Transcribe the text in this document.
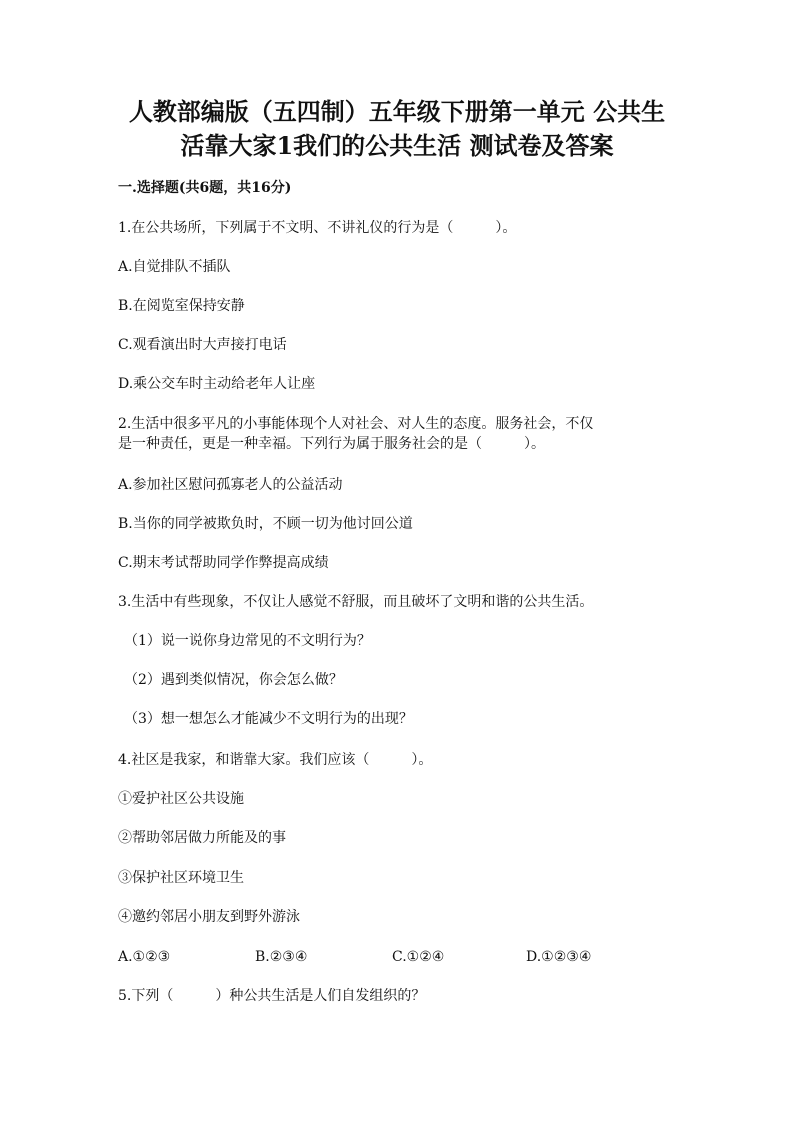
人教部编版（五四制）五年级下册第一单元 公共生
活靠大家1我们的公共生活 测试卷及答案

一.选择题(共6题，共16分)

1.在公共场所，下列属于不文明、不讲礼仪的行为是（　　　）。

A.自觉排队不插队

B.在阅览室保持安静

C.观看演出时大声接打电话

D.乘公交车时主动给老年人让座

2.生活中很多平凡的小事能体现个人对社会、对人生的态度。服务社会，不仅

是一种责任，更是一种幸福。下列行为属于服务社会的是（　　　）。

A.参加社区慰问孤寡老人的公益活动

B.当你的同学被欺负时，不顾一切为他讨回公道

C.期末考试帮助同学作弊提高成绩

3.生活中有些现象，不仅让人感觉不舒服，而且破坏了文明和谐的公共生活。

（1）说一说你身边常见的不文明行为？

（2）遇到类似情况，你会怎么做？

（3）想一想怎么才能减少不文明行为的出现？

4.社区是我家，和谐靠大家。我们应该（　　　）。

①爱护社区公共设施

②帮助邻居做力所能及的事

③保护社区环境卫生

④邀约邻居小朋友到野外游泳

A.①②③	B.②③④	C.①②④	D.①②③④

5.下列（　　　）种公共生活是人们自发组织的？
